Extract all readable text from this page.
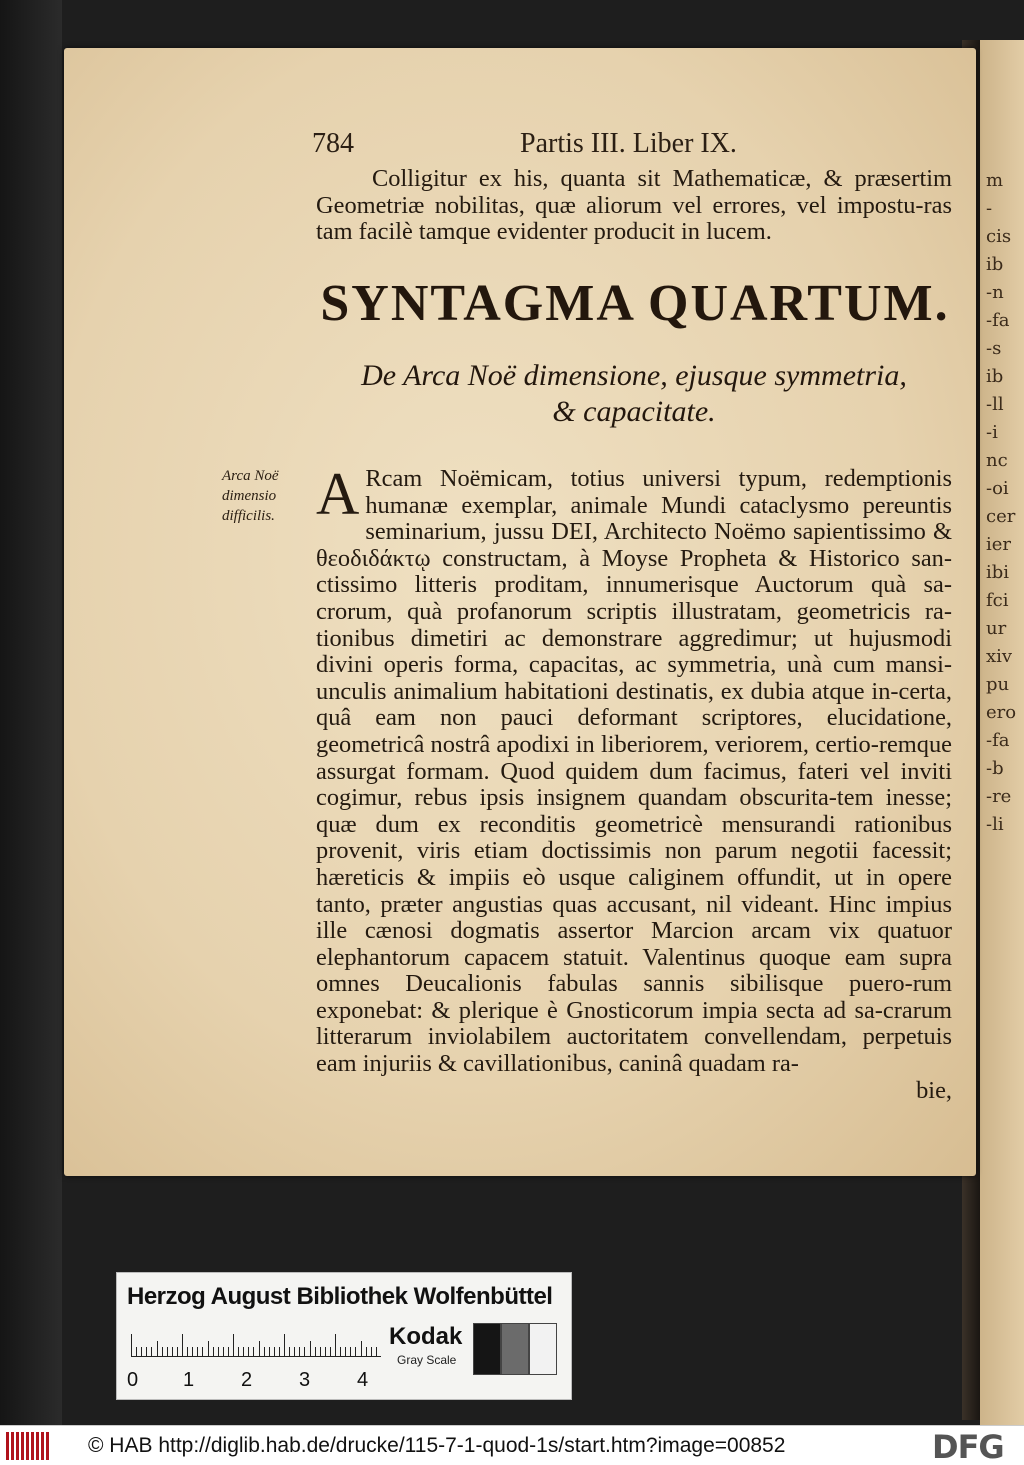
m
-
cis
ib
-n
-fa
-s
ib
-ll
-i
nc
-oi
cer
ier
ibi
fci
ur
xiv
pu
ero
-fa
-b
-re
-li
784	Partis III. Liber IX.

Colligitur ex his, quanta sit Mathematicæ, & præsertim Geometriæ nobilitas, quæ aliorum vel errores, vel impostu-ras tam facilè tamque evidenter producit in lucem.

SYNTAGMA QUARTUM.
De Arca Noë dimensione, ejusque symmetria,
& capacitate.
Arca Noë
dimensio
difficilis. A Rcam Noëmicam, totius universi typum, redemptionis humanæ exemplar, animale Mundi cataclysmo pereuntis seminarium, jussu DEI, Architecto Noëmo sapientissimo & θεοδιδάκτῳ constructam, à Moyse Propheta & Historico san-ctissimo litteris proditam, innumerisque Auctorum quà sa-crorum, quà profanorum scriptis illustratam, geometricis ra-tionibus dimetiri ac demonstrare aggredimur; ut hujusmodi divini operis forma, capacitas, ac symmetria, unà cum mansi-unculis animalium habitationi destinatis, ex dubia atque in-certa, quâ eam non pauci deformant scriptores, elucidatione, geometricâ nostrâ apodixi in liberiorem, veriorem, certio-remque assurgat formam. Quod quidem dum facimus, fateri vel inviti cogimur, rebus ipsis insignem quandam obscurita-tem inesse; quæ dum ex reconditis geometricè mensurandi rationibus provenit, viris etiam doctissimis non parum negotii facessit; hæreticis & impiis eò usque caliginem offundit, ut in opere tanto, præter angustias quas accusant, nil videant. Hinc impius ille cænosi dogmatis assertor Marcion arcam vix quatuor elephantorum capacem statuit. Valentinus quoque eam supra omnes Deucalionis fabulas sannis sibilisque puero-rum exponebat: & plerique è Gnosticorum impia secta ad sa-crarum litterarum inviolabilem auctoritatem convellendam, perpetuis eam injuriis & cavillationibus, caninâ quadam ra-
bie,
Herzog August Bibliothek Wolfenbüttel
0 1 2 3 4
Kodak
Gray Scale
© HAB http://diglib.hab.de/drucke/115-7-1-quod-1s/start.htm?image=00852	DFG
